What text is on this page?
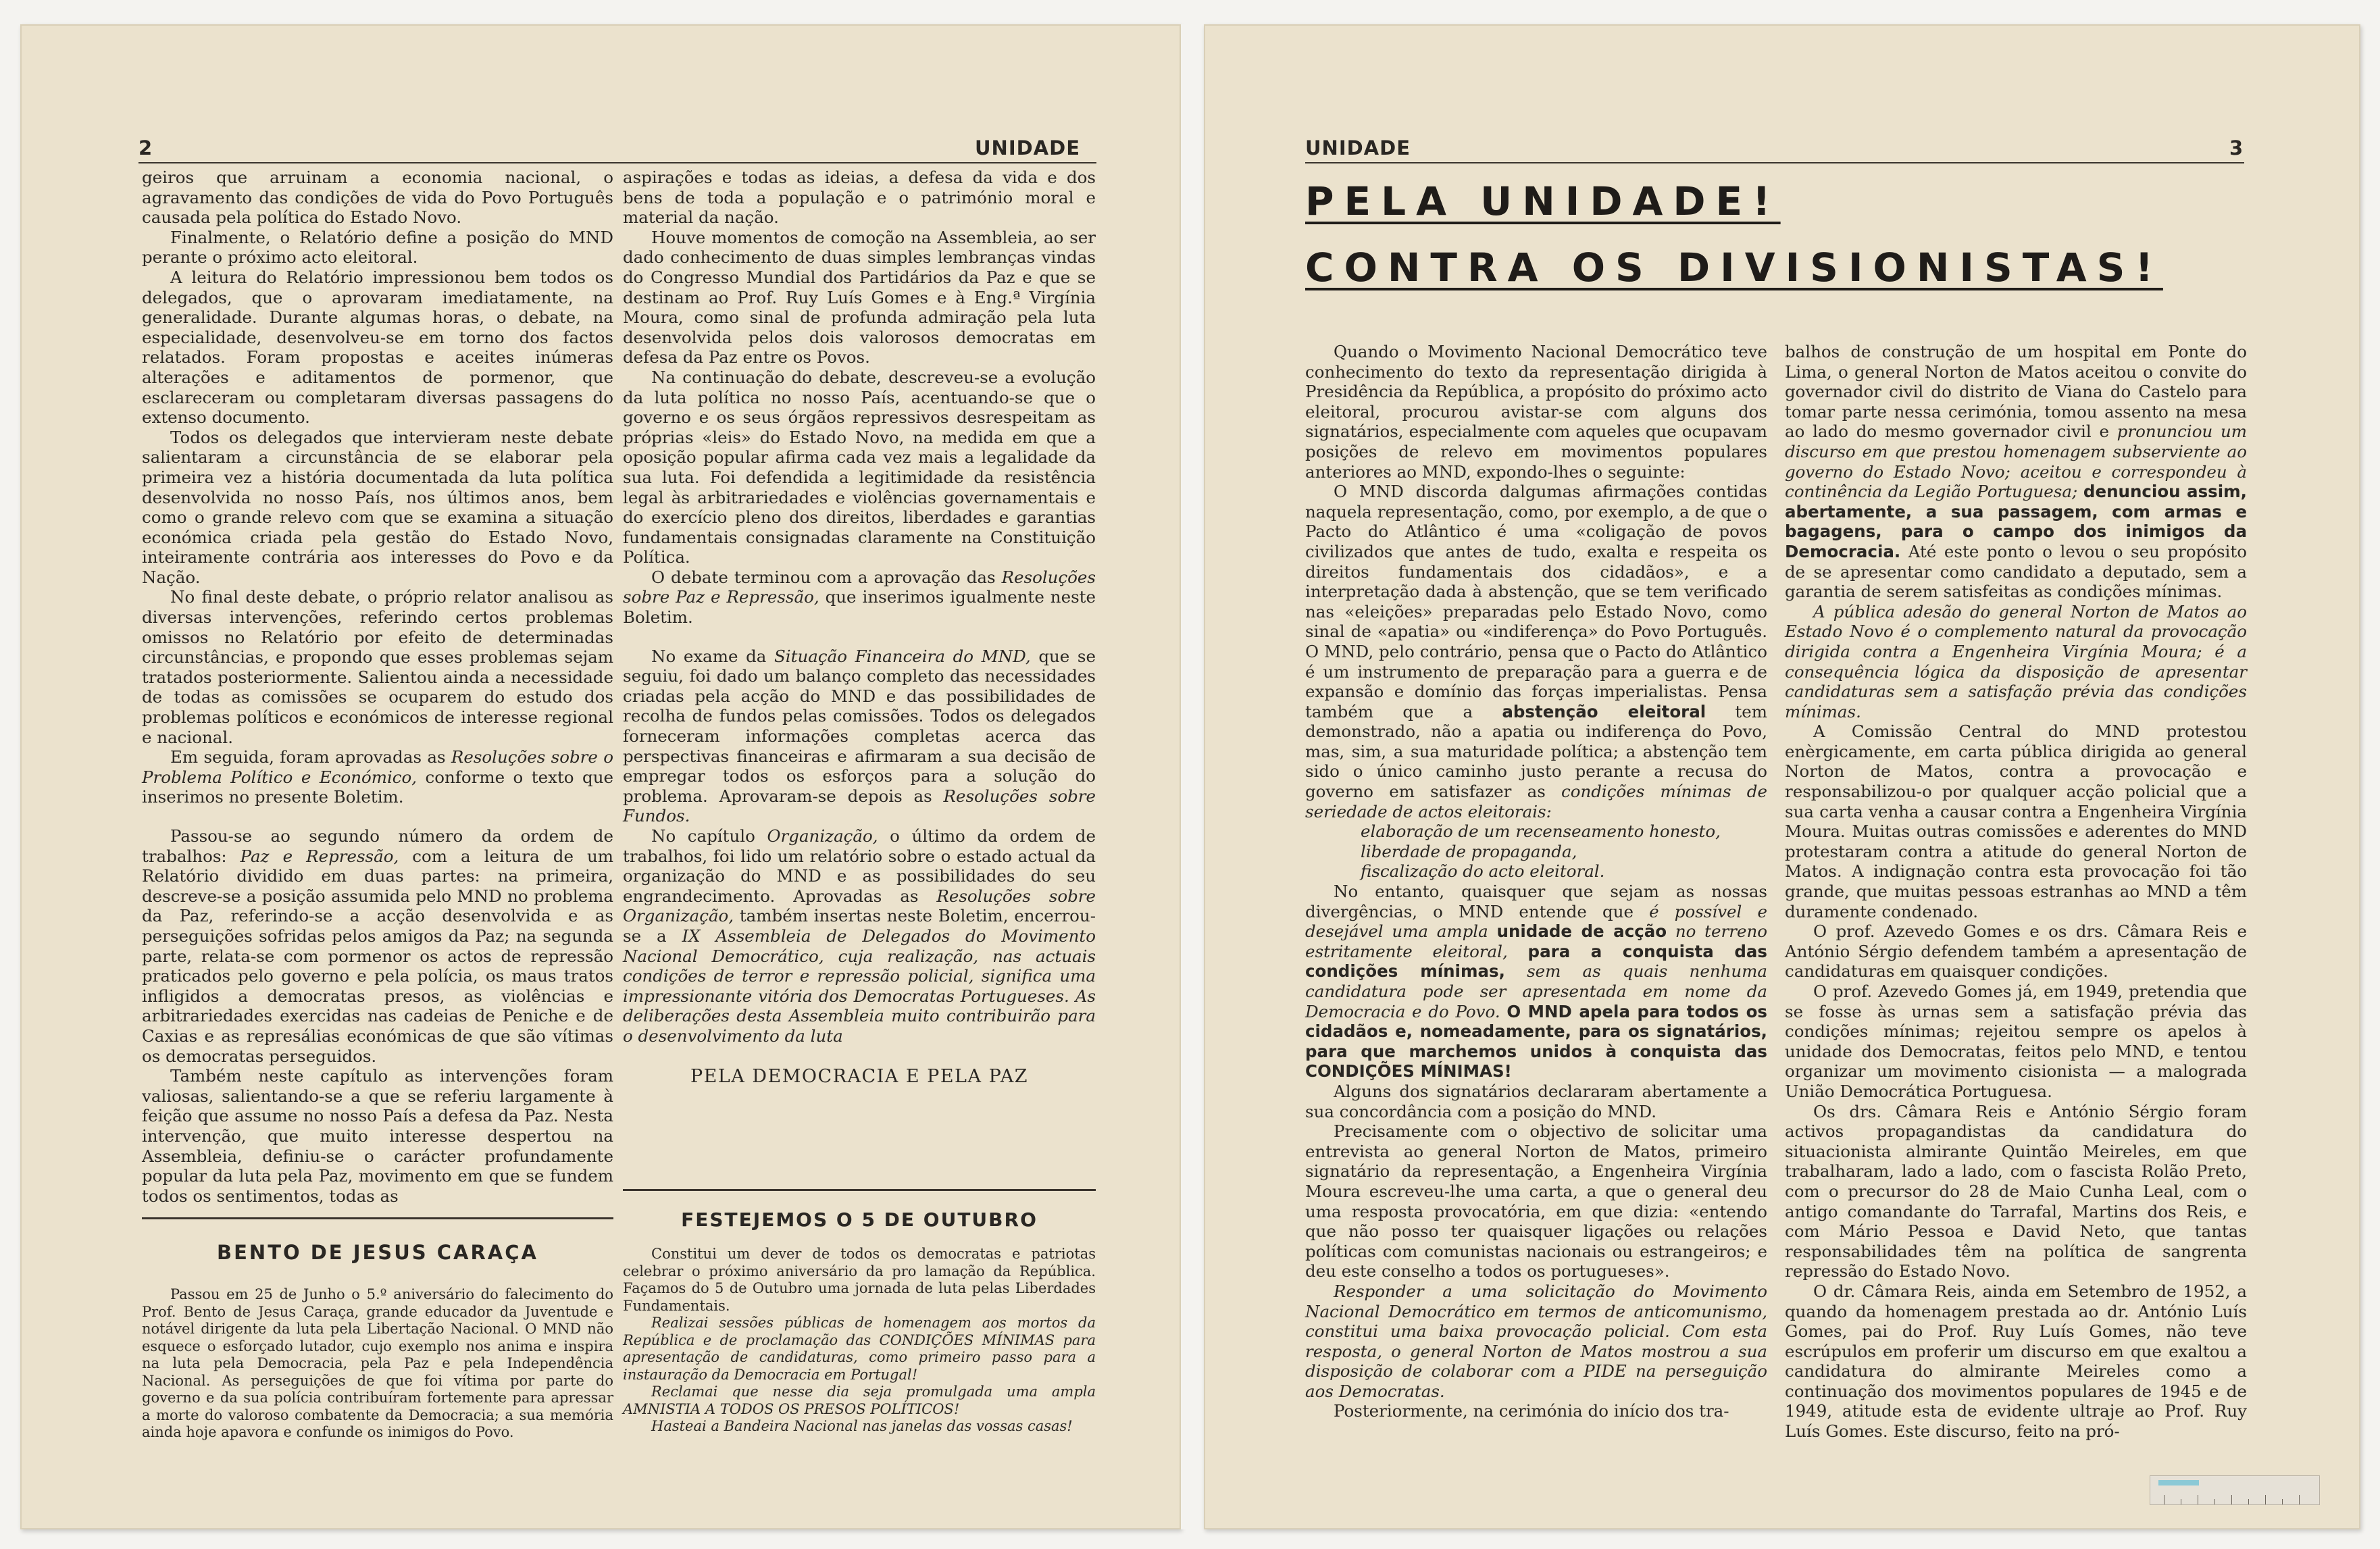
2	UNIDADE

geiros que arruinam a economia nacional, o agravamento das condições de vida do Povo Português causada pela política do Estado Novo.

Finalmente, o Relatório define a posição do MND perante o próximo acto eleitoral.

A leitura do Relatório impressionou bem todos os delegados, que o aprovaram imediatamente, na generalidade. Durante algumas horas, o debate, na especialidade, desenvolveu-se em torno dos factos relatados. Foram propostas e aceites inúmeras alterações e aditamentos de pormenor, que esclareceram ou completaram diversas passagens do extenso documento.

Todos os delegados que intervieram neste debate salientaram a circunstância de se elaborar pela primeira vez a história documentada da luta política desenvolvida no nosso País, nos últimos anos, bem como o grande relevo com que se examina a situação económica criada pela gestão do Estado Novo, inteiramente contrária aos interesses do Povo e da Nação.

No final deste debate, o próprio relator analisou as diversas intervenções, referindo certos problemas omissos no Relatório por efeito de determinadas circunstâncias, e propondo que esses problemas sejam tratados posteriormente. Salientou ainda a necessidade de todas as comissões se ocuparem do estudo dos problemas políticos e económicos de interesse regional e nacional.

Em seguida, foram aprovadas as Resoluções sobre o Problema Político e Económico, conforme o texto que inserimos no presente Boletim.

Passou-se ao segundo número da ordem de trabalhos: Paz e Repressão, com a leitura de um Relatório dividido em duas partes: na primeira, descreve-se a posição assumida pelo MND no problema da Paz, referindo-se a acção desenvolvida e as perseguições sofridas pelos amigos da Paz; na segunda parte, relata-se com pormenor os actos de repressão praticados pelo governo e pela polícia, os maus tratos infligidos a democratas presos, as violências e arbitrariedades exercidas nas cadeias de Peniche e de Caxias e as represálias económicas de que são vítimas os democratas perseguidos.

Também neste capítulo as intervenções foram valiosas, salientando-se a que se referiu largamente à feição que assume no nosso País a defesa da Paz. Nesta intervenção, que muito interesse despertou na Assembleia, definiu-se o carácter profundamente popular da luta pela Paz, movimento em que se fundem todos os sentimentos, todas as

BENTO DE JESUS CARAÇA

Passou em 25 de Junho o 5.º aniversário do falecimento do Prof. Bento de Jesus Caraça, grande educador da Juventude e notável dirigente da luta pela Libertação Nacional. O MND não esquece o esforçado lutador, cujo exemplo nos anima e inspira na luta pela Democracia, pela Paz e pela Independência Nacional. As perseguições de que foi vítima por parte do governo e da sua polícia contribuíram fortemente para apressar a morte do valoroso combatente da Democracia; a sua memória ainda hoje apavora e confunde os inimigos do Povo.

aspirações e todas as ideias, a defesa da vida e dos bens de toda a população e o património moral e material da nação.

Houve momentos de comoção na Assembleia, ao ser dado conhecimento de duas simples lembranças vindas do Congresso Mundial dos Partidários da Paz e que se destinam ao Prof. Ruy Luís Gomes e à Eng.ª Virgínia Moura, como sinal de profunda admiração pela luta desenvolvida pelos dois valorosos democratas em defesa da Paz entre os Povos.

Na continuação do debate, descreveu-se a evolução da luta política no nosso País, acentuando-se que o governo e os seus órgãos repressivos desrespeitam as próprias «leis» do Estado Novo, na medida em que a oposição popular afirma cada vez mais a legalidade da sua luta. Foi defendida a legitimidade da resistência legal às arbitrariedades e violências governamentais e do exercício pleno dos direitos, liberdades e garantias fundamentais consignadas claramente na Constituição Política.

O debate terminou com a aprovação das Resoluções sobre Paz e Repressão, que inserimos igualmente neste Boletim.

No exame da Situação Financeira do MND, que se seguiu, foi dado um balanço completo das necessidades criadas pela acção do MND e das possibilidades de recolha de fundos pelas comissões. Todos os delegados forneceram informações completas acerca das perspectivas financeiras e afirmaram a sua decisão de empregar todos os esforços para a solução do problema. Aprovaram-se depois as Resoluções sobre Fundos.

No capítulo Organização, o último da ordem de trabalhos, foi lido um relatório sobre o estado actual da organização do MND e as possibilidades do seu engrandecimento. Aprovadas as Resoluções sobre Organização, também insertas neste Boletim, encerrou-se a IX Assembleia de Delegados do Movimento Nacional Democrático, cuja realização, nas actuais condições de terror e repressão policial, significa uma impressionante vitória dos Democratas Portugueses. As deliberações desta Assembleia muito contribuirão para o desenvolvimento da luta

PELA DEMOCRACIA E PELA PAZ
FESTEJEMOS O 5 DE OUTUBRO

Constitui um dever de todos os democratas e patriotas celebrar o próximo aniversário da pro lamação da República. Façamos do 5 de Outubro uma jornada de luta pelas Liberdades Fundamentais.

Realizai sessões públicas de homenagem aos mortos da República e de proclamação das CONDIÇÕES MÍNIMAS para apresentação de candidaturas, como primeiro passo para a instauração da Democracia em Portugal!

Reclamai que nesse dia seja promulgada uma ampla AMNISTIA A TODOS OS PRESOS POLÍTICOS!

Hasteai a Bandeira Nacional nas janelas das vossas casas!

UNIDADE	3
PELA UNIDADE!
CONTRA OS DIVISIONISTAS!

Quando o Movimento Nacional Democrático teve conhecimento do texto da representação dirigida à Presidência da República, a propósito do próximo acto eleitoral, procurou avistar-se com alguns dos signatários, especialmente com aqueles que ocupavam posições de relevo em movimentos populares anteriores ao MND, expondo-lhes o seguinte:

O MND discorda dalgumas afirmações contidas naquela representação, como, por exemplo, a de que o Pacto do Atlântico é uma «coligação de povos civilizados que antes de tudo, exalta e respeita os direitos fundamentais dos cidadãos», e a interpretação dada à abstenção, que se tem verificado nas «eleições» preparadas pelo Estado Novo, como sinal de «apatia» ou «indiferença» do Povo Português. O MND, pelo contrário, pensa que o Pacto do Atlântico é um instrumento de preparação para a guerra e de expansão e domínio das forças imperialistas. Pensa também que a abstenção eleitoral tem demonstrado, não a apatia ou indiferença do Povo, mas, sim, a sua maturidade política; a abstenção tem sido o único caminho justo perante a recusa do governo em satisfazer as condições mínimas de seriedade de actos eleitorais:

elaboração de um recenseamento honesto,

liberdade de propaganda,

fiscalização do acto eleitoral.

No entanto, quaisquer que sejam as nossas divergências, o MND entende que é possível e desejável uma ampla unidade de acção no terreno estritamente eleitoral, para a conquista das condições mínimas, sem as quais nenhuma candidatura pode ser apresentada em nome da Democracia e do Povo. O MND apela para todos os cidadãos e, nomeadamente, para os signatários, para que marchemos unidos à conquista das CONDIÇÕES MÍNIMAS!

Alguns dos signatários declararam abertamente a sua concordância com a posição do MND.

Precisamente com o objectivo de solicitar uma entrevista ao general Norton de Matos, primeiro signatário da representação, a Engenheira Virgínia Moura escreveu-lhe uma carta, a que o general deu uma resposta provocatória, em que dizia: «entendo que não posso ter quaisquer ligações ou relações políticas com comunistas nacionais ou estrangeiros; e deu este conselho a todos os portugueses».

Responder a uma solicitação do Movimento Nacional Democrático em termos de anticomunismo, constitui uma baixa provocação policial. Com esta resposta, o general Norton de Matos mostrou a sua disposição de colaborar com a PIDE na perseguição aos Democratas.

Posteriormente, na cerimónia do início dos tra-

balhos de construção de um hospital em Ponte do Lima, o general Norton de Matos aceitou o convite do governador civil do distrito de Viana do Castelo para tomar parte nessa cerimónia, tomou assento na mesa ao lado do mesmo governador civil e pronunciou um discurso em que prestou homenagem subserviente ao governo do Estado Novo; aceitou e correspondeu à continência da Legião Portuguesa; denunciou assim, abertamente, a sua passagem, com armas e bagagens, para o campo dos inimigos da Democracia. Até este ponto o levou o seu propósito de se apresentar como candidato a deputado, sem a garantia de serem satisfeitas as condições mínimas.

A pública adesão do general Norton de Matos ao Estado Novo é o complemento natural da provocação dirigida contra a Engenheira Virgínia Moura; é a consequência lógica da disposição de apresentar candidaturas sem a satisfação prévia das condições mínimas.

A Comissão Central do MND protestou enèrgicamente, em carta pública dirigida ao general Norton de Matos, contra a provocação e responsabilizou-o por qualquer acção policial que a sua carta venha a causar contra a Engenheira Virgínia Moura. Muitas outras comissões e aderentes do MND protestaram contra a atitude do general Norton de Matos. A indignação contra esta provocação foi tão grande, que muitas pessoas estranhas ao MND a têm duramente condenado.

O prof. Azevedo Gomes e os drs. Câmara Reis e António Sérgio defendem também a apresentação de candidaturas em quaisquer condições.

O prof. Azevedo Gomes já, em 1949, pretendia que se fosse às urnas sem a satisfação prévia das condições mínimas; rejeitou sempre os apelos à unidade dos Democratas, feitos pelo MND, e tentou organizar um movimento cisionista — a malograda União Democrática Portuguesa.

Os drs. Câmara Reis e António Sérgio foram activos propagandistas da candidatura do situacionista almirante Quintão Meireles, em que trabalharam, lado a lado, com o fascista Rolão Preto, com o precursor do 28 de Maio Cunha Leal, com o antigo comandante do Tarrafal, Martins dos Reis, e com Mário Pessoa e David Neto, que tantas responsabilidades têm na política de sangrenta repressão do Estado Novo.

O dr. Câmara Reis, ainda em Setembro de 1952, a quando da homenagem prestada ao dr. António Luís Gomes, pai do Prof. Ruy Luís Gomes, não teve escrúpulos em proferir um discurso em que exaltou a candidatura do almirante Meireles como a continuação dos movimentos populares de 1945 e de 1949, atitude esta de evidente ultraje ao Prof. Ruy Luís Gomes. Este discurso, feito na pró-
